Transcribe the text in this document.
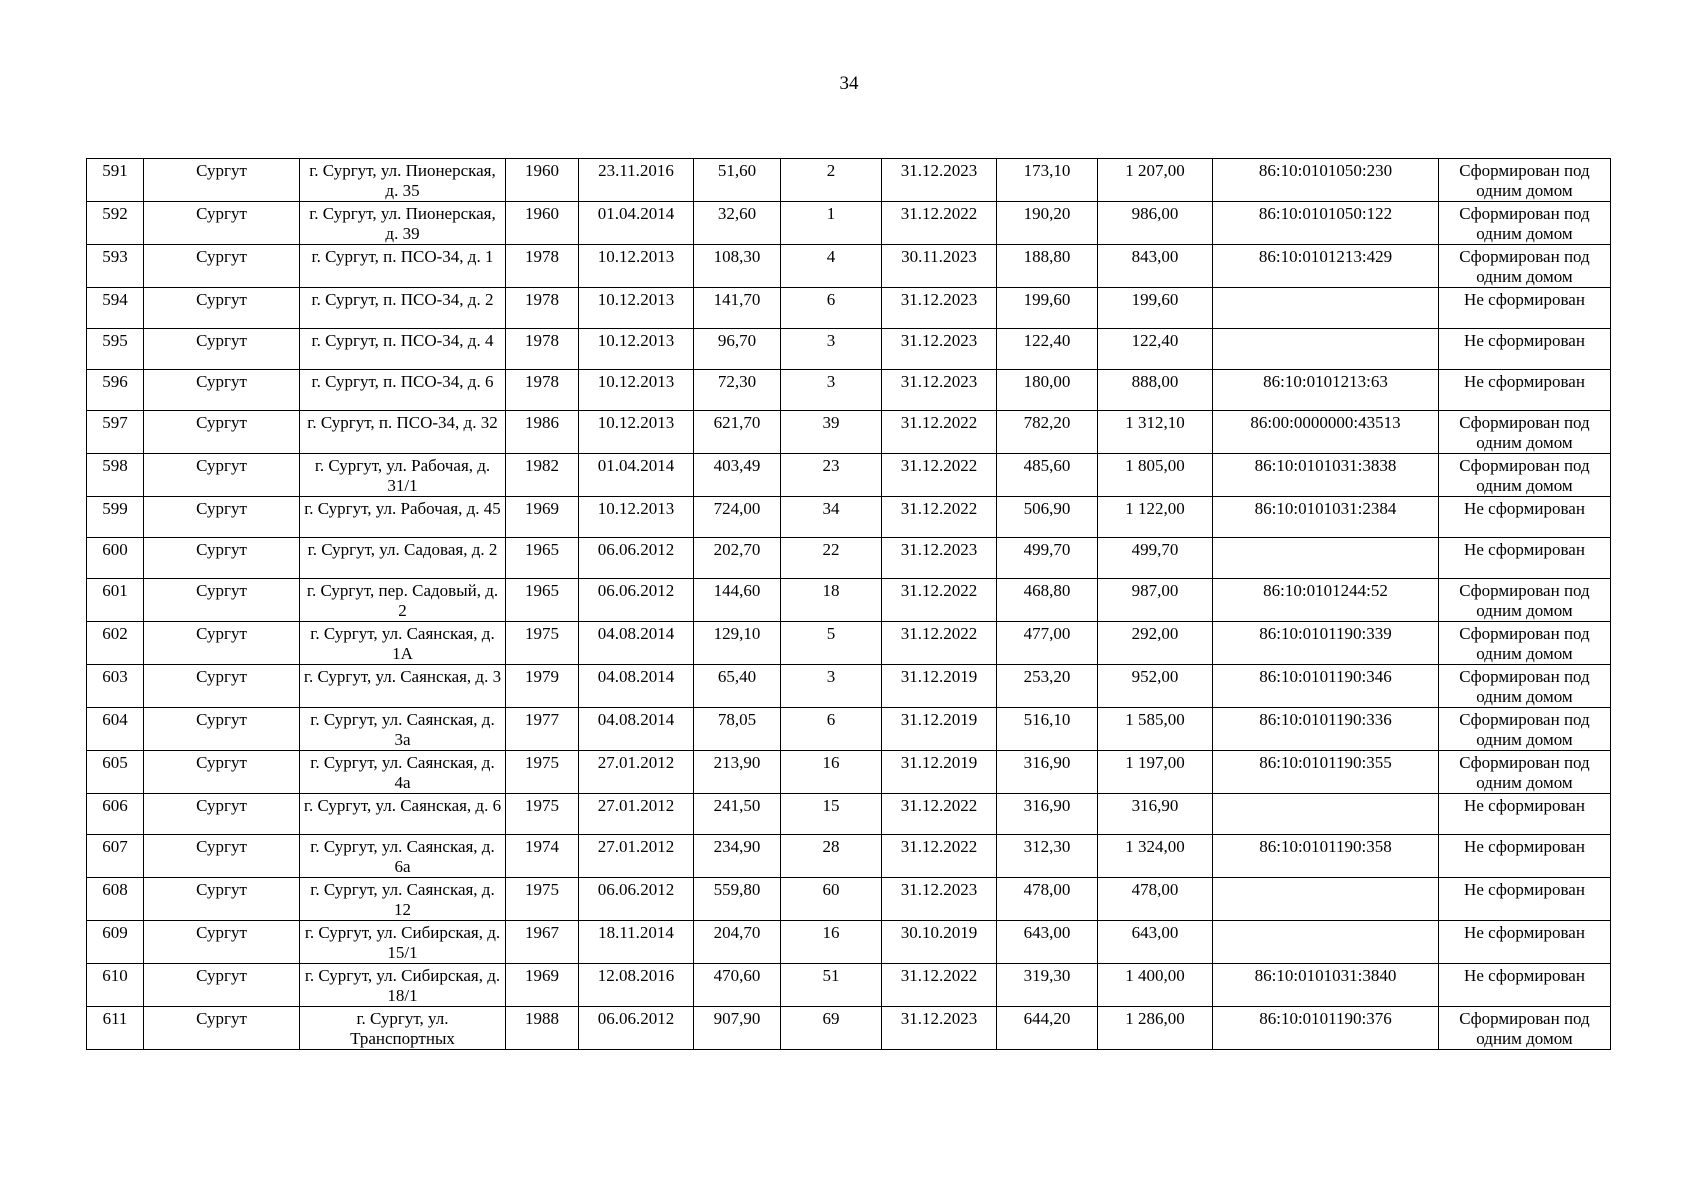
34
591	Сургут	г. Сургут, ул. Пионерская, д. 35	1960	23.11.2016	51,60	2	31.12.2023	173,10	1 207,00	86:10:0101050:230	Сформирован под одним домом
592	Сургут	г. Сургут, ул. Пионерская, д. 39	1960	01.04.2014	32,60	1	31.12.2022	190,20	986,00	86:10:0101050:122	Сформирован под одним домом
593	Сургут	г. Сургут, п. ПСО-34, д. 1	1978	10.12.2013	108,30	4	30.11.2023	188,80	843,00	86:10:0101213:429	Сформирован под одним домом
594	Сургут	г. Сургут, п. ПСО-34, д. 2	1978	10.12.2013	141,70	6	31.12.2023	199,60	199,60		Не сформирован
595	Сургут	г. Сургут, п. ПСО-34, д. 4	1978	10.12.2013	96,70	3	31.12.2023	122,40	122,40		Не сформирован
596	Сургут	г. Сургут, п. ПСО-34, д. 6	1978	10.12.2013	72,30	3	31.12.2023	180,00	888,00	86:10:0101213:63	Не сформирован
597	Сургут	г. Сургут, п. ПСО-34, д. 32	1986	10.12.2013	621,70	39	31.12.2022	782,20	1 312,10	86:00:0000000:43513	Сформирован под одним домом
598	Сургут	г. Сургут, ул. Рабочая, д. 31/1	1982	01.04.2014	403,49	23	31.12.2022	485,60	1 805,00	86:10:0101031:3838	Сформирован под одним домом
599	Сургут	г. Сургут, ул. Рабочая, д. 45	1969	10.12.2013	724,00	34	31.12.2022	506,90	1 122,00	86:10:0101031:2384	Не сформирован
600	Сургут	г. Сургут, ул. Садовая, д. 2	1965	06.06.2012	202,70	22	31.12.2023	499,70	499,70		Не сформирован
601	Сургут	г. Сургут, пер. Садовый, д. 2	1965	06.06.2012	144,60	18	31.12.2022	468,80	987,00	86:10:0101244:52	Сформирован под одним домом
602	Сургут	г. Сургут, ул. Саянская, д. 1А	1975	04.08.2014	129,10	5	31.12.2022	477,00	292,00	86:10:0101190:339	Сформирован под одним домом
603	Сургут	г. Сургут, ул. Саянская, д. 3	1979	04.08.2014	65,40	3	31.12.2019	253,20	952,00	86:10:0101190:346	Сформирован под одним домом
604	Сургут	г. Сургут, ул. Саянская, д. 3а	1977	04.08.2014	78,05	6	31.12.2019	516,10	1 585,00	86:10:0101190:336	Сформирован под одним домом
605	Сургут	г. Сургут, ул. Саянская, д. 4а	1975	27.01.2012	213,90	16	31.12.2019	316,90	1 197,00	86:10:0101190:355	Сформирован под одним домом
606	Сургут	г. Сургут, ул. Саянская, д. 6	1975	27.01.2012	241,50	15	31.12.2022	316,90	316,90		Не сформирован
607	Сургут	г. Сургут, ул. Саянская, д. 6а	1974	27.01.2012	234,90	28	31.12.2022	312,30	1 324,00	86:10:0101190:358	Не сформирован
608	Сургут	г. Сургут, ул. Саянская, д. 12	1975	06.06.2012	559,80	60	31.12.2023	478,00	478,00		Не сформирован
609	Сургут	г. Сургут, ул. Сибирская, д. 15/1	1967	18.11.2014	204,70	16	30.10.2019	643,00	643,00		Не сформирован
610	Сургут	г. Сургут, ул. Сибирская, д. 18/1	1969	12.08.2016	470,60	51	31.12.2022	319,30	1 400,00	86:10:0101031:3840	Не сформирован
611	Сургут	г. Сургут, ул. Транспортных	1988	06.06.2012	907,90	69	31.12.2023	644,20	1 286,00	86:10:0101190:376	Сформирован под одним домом
